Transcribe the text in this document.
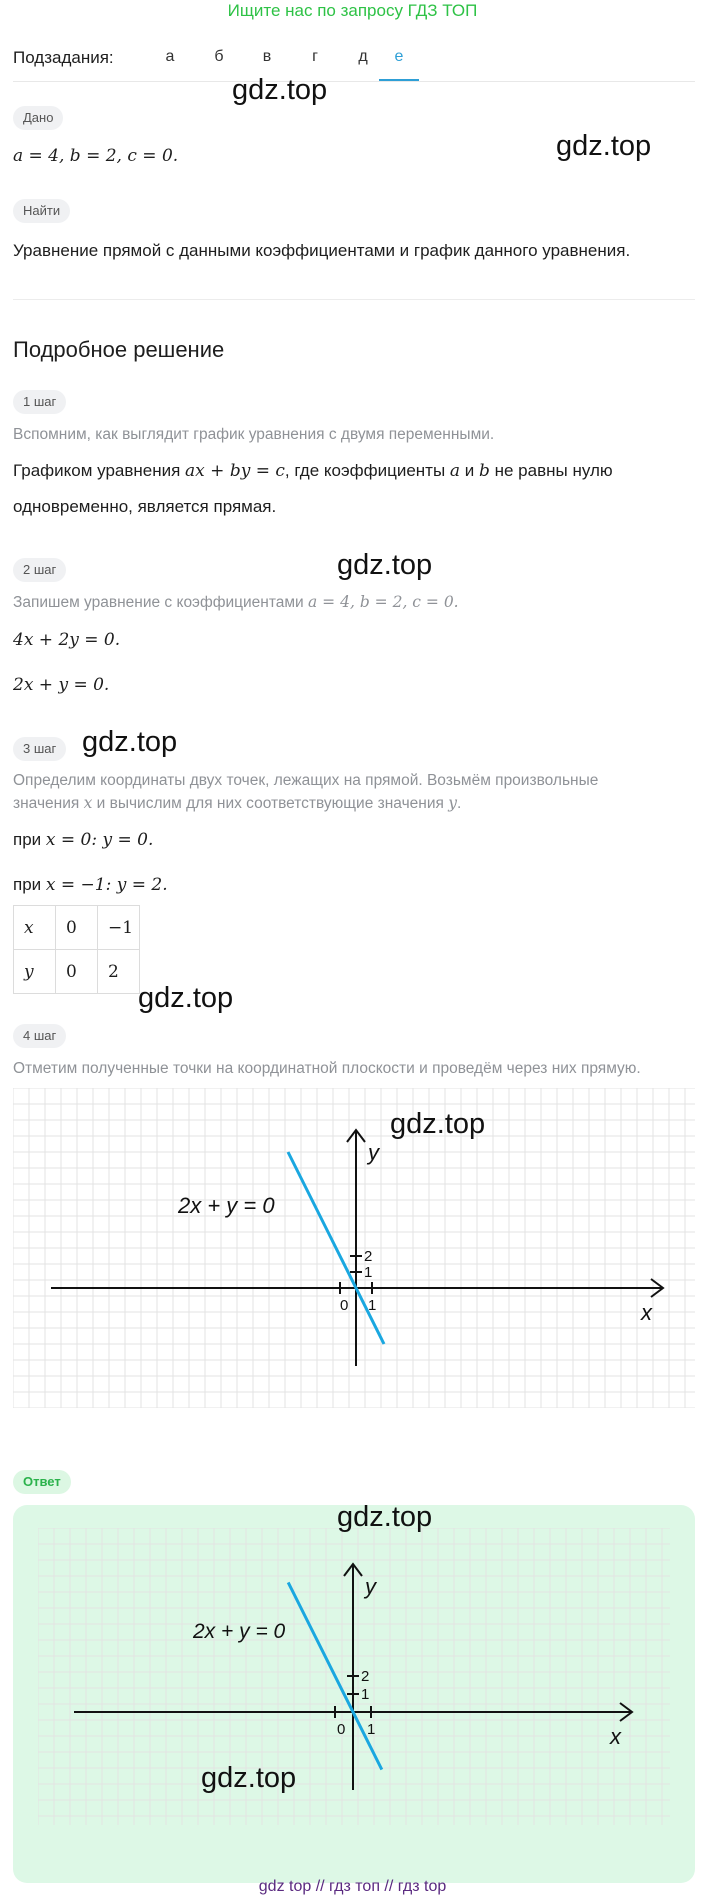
Ищите нас по запросу ГДЗ ТОП
Подзадания:	а	б	в	г	д	е
gdz.top
gdz.top
Дано
a = 4, b = 2, c = 0.
Найти
Уравнение прямой с данными коэффициентами и график данного уравнения.
Подробное решение
1 шаг
Вспомним, как выглядит график уравнения с двумя переменными.
Графиком уравнения ax + by = c, где коэффициенты a и b не равны нулю
одновременно, является прямая.
gdz.top
2 шаг
Запишем уравнение с коэффициентами a = 4, b = 2, c = 0.
4x + 2y = 0.
2x + y = 0.
3 шаг gdz.top
Определим координаты двух точек, лежащих на прямой. Возьмём произвольные
значения x и вычислим для них соответствующие значения y.
при x = 0: y = 0.
при x = −1: y = 2.
x	0	−1
y	0	2
gdz.top
4 шаг
Отметим полученные точки на координатной плоскости и проведём через них прямую.
0 1
1
2
x
y
2x + y = 0
Ответ
0 1
1
2
x
y
2x + y = 0
gdz.top
gdz.top
gdz.top
gdz top // гдз топ // гдз top
